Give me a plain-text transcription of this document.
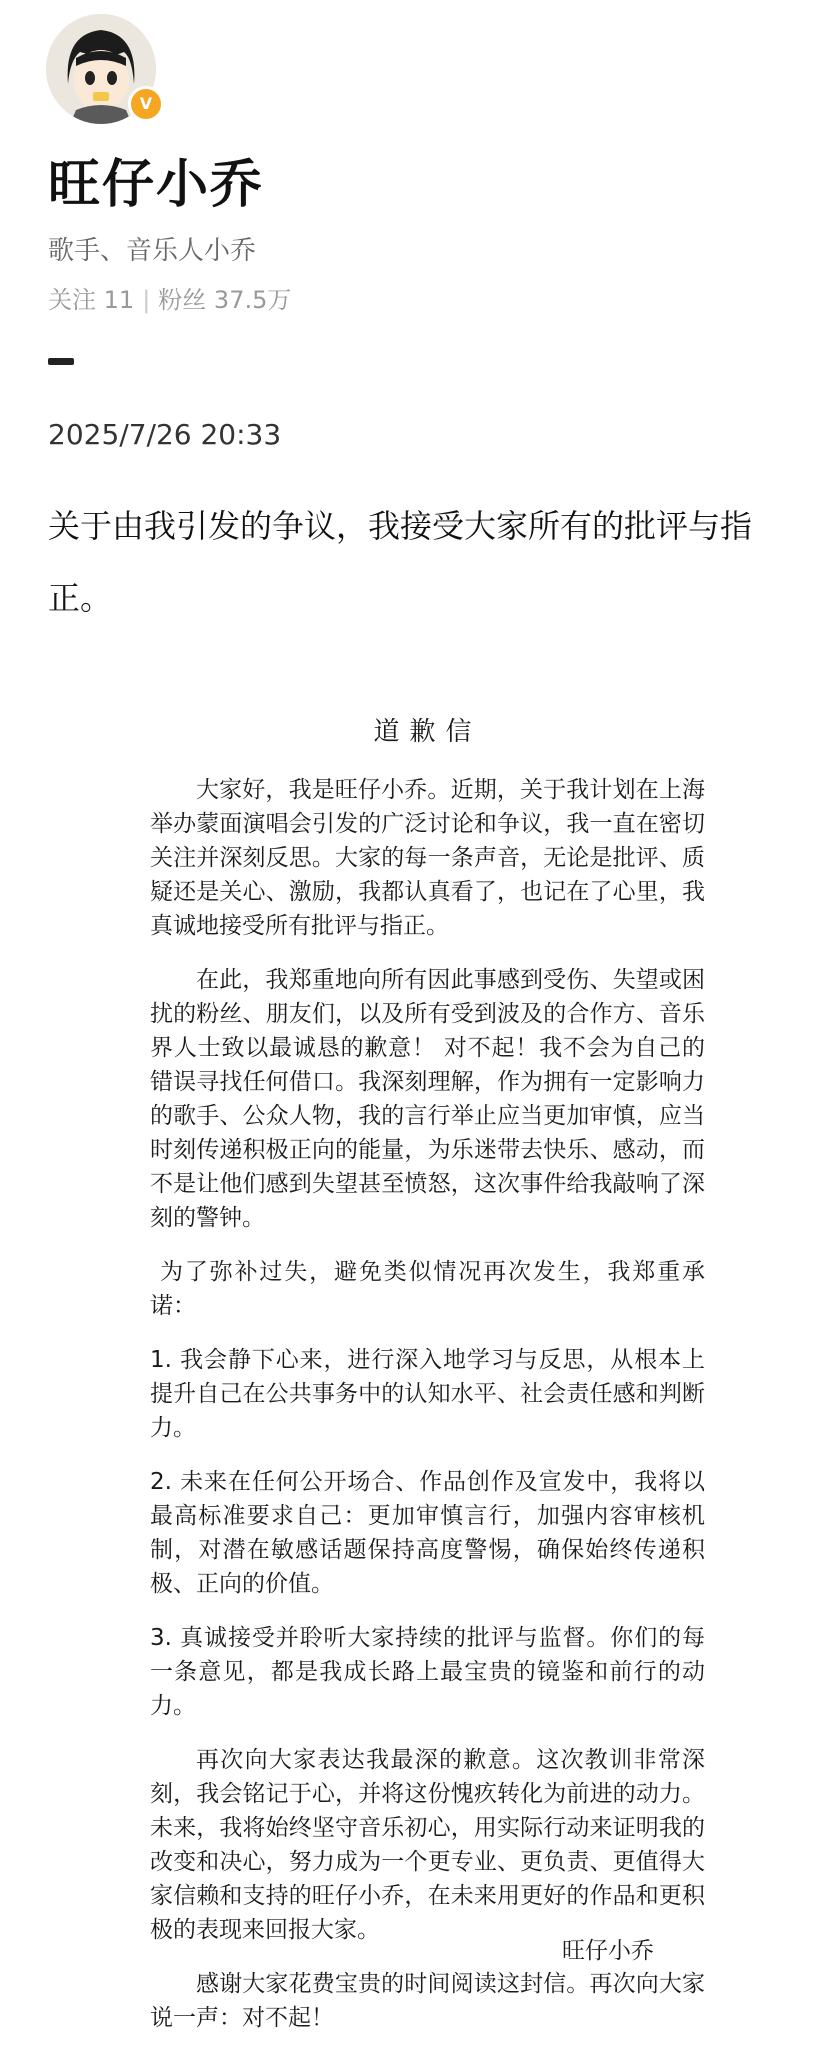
V
旺仔小乔
歌手、音乐人小乔
关注 11 | 粉丝 37.5万
2025/7/26 20:33
关于由我引发的争议，我接受大家所有的批评与指正。
道歉信

大家好，我是旺仔小乔。近期，关于我计划在上海举办蒙面演唱会引发的广泛讨论和争议，我一直在密切关注并深刻反思。大家的每一条声音，无论是批评、质疑还是关心、激励，我都认真看了，也记在了心里，我真诚地接受所有批评与指正。

在此，我郑重地向所有因此事感到受伤、失望或困扰的粉丝、朋友们，以及所有受到波及的合作方、音乐界人士致以最诚恳的歉意！ 对不起！我不会为自己的错误寻找任何借口。我深刻理解，作为拥有一定影响力的歌手、公众人物，我的言行举止应当更加审慎，应当时刻传递积极正向的能量，为乐迷带去快乐、感动，而不是让他们感到失望甚至愤怒，这次事件给我敲响了深刻的警钟。

为了弥补过失，避免类似情况再次发生，我郑重承诺：

1. 我会静下心来，进行深入地学习与反思，从根本上提升自己在公共事务中的认知水平、社会责任感和判断力。

2. 未来在任何公开场合、作品创作及宣发中，我将以最高标准要求自己：更加审慎言行，加强内容审核机制，对潜在敏感话题保持高度警惕，确保始终传递积极、正向的价值。

3. 真诚接受并聆听大家持续的批评与监督。你们的每一条意见，都是我成长路上最宝贵的镜鉴和前行的动力。

再次向大家表达我最深的歉意。这次教训非常深刻，我会铭记于心，并将这份愧疚转化为前进的动力。未来，我将始终坚守音乐初心，用实际行动来证明我的改变和决心，努力成为一个更专业、更负责、更值得大家信赖和支持的旺仔小乔，在未来用更好的作品和更积极的表现来回报大家。

感谢大家花费宝贵的时间阅读这封信。再次向大家说一声：对不起！

旺仔小乔
